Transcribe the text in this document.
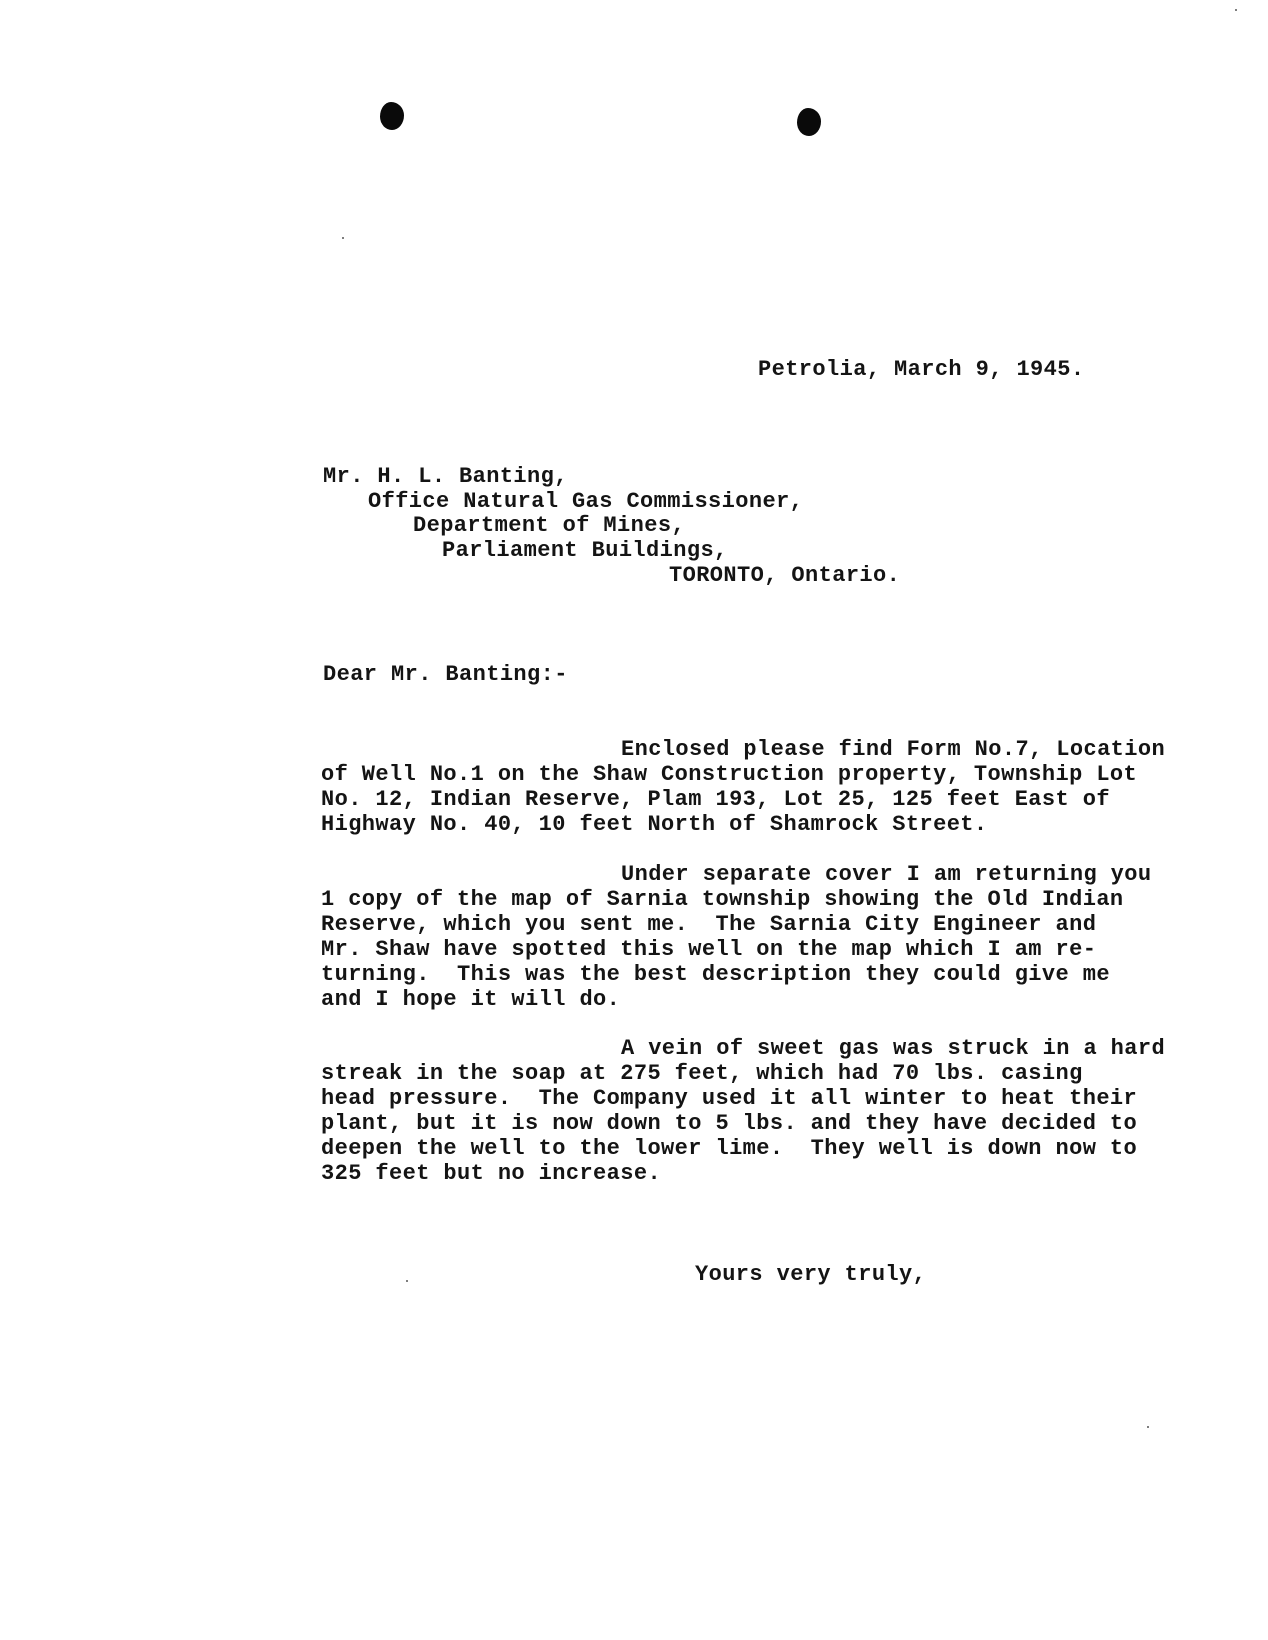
Petrolia, March 9, 1945.

Mr. H. L. Banting,

Office Natural Gas Commissioner,

Department of Mines,

Parliament Buildings,

TORONTO, Ontario.

Dear Mr. Banting:-

Enclosed please find Form No.7, Location

of Well No.1 on the Shaw Construction property, Township Lot

No. 12, Indian Reserve, Plam 193, Lot 25, 125 feet East of

Highway No. 40, 10 feet North of Shamrock Street.

Under separate cover I am returning you

1 copy of the map of Sarnia township showing the Old Indian

Reserve, which you sent me.  The Sarnia City Engineer and

Mr. Shaw have spotted this well on the map which I am re-

turning.  This was the best description they could give me

and I hope it will do.

A vein of sweet gas was struck in a hard

streak in the soap at 275 feet, which had 70 lbs. casing

head pressure.  The Company used it all winter to heat their

plant, but it is now down to 5 lbs. and they have decided to

deepen the well to the lower lime.  They well is down now to

325 feet but no increase.

Yours very truly,
